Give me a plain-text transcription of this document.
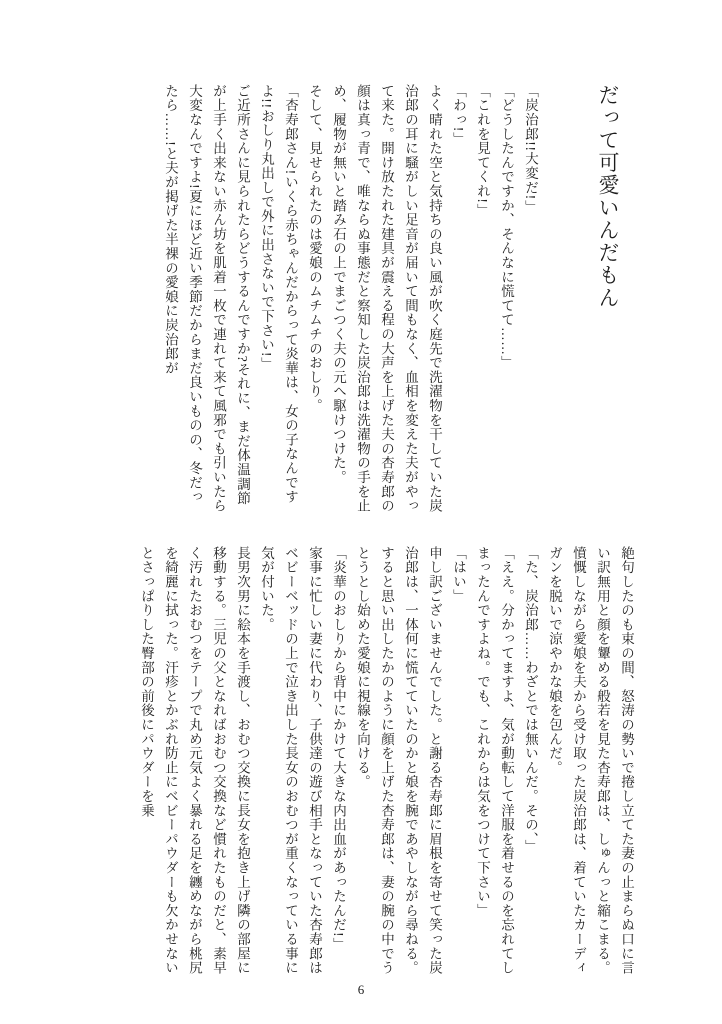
だって可愛いんだもん

「炭治郎!!大変だ!」

「どうしたんですか、そんなに慌てて……」

「これを見てくれ!」

「わっ!」

よく晴れた空と気持ちの良い風が吹く庭先で洗濯物を干していた炭治郎の耳に騒がしい足音が届いて間もなく、血相を変えた夫がやって来た。開け放たれた建具が震える程の大声を上げた夫の杏寿郎の顔は真っ青で、唯ならぬ事態だと察知した炭治郎は洗濯物の手を止め、履物が無いと踏み石の上でまごつく夫の元へ駆けつけた。

そして、見せられたのは愛娘のムチムチのおしり。

「杏寿郎さん!いくら赤ちゃんだからって炎華は、女の子なんですよ!!おしり丸出しで外に出さないで下さい!」

ご近所さんに見られたらどうするんですか?それに、まだ体温調節が上手く出来ない赤ん坊を肌着一枚で連れて来て風邪でも引いたら大変なんですよ!夏にほど近い季節だからまだ良いものの、冬だったら……!と夫が掲げた半裸の愛娘に炭治郎が

絶句したのも束の間、怒涛の勢いで捲し立てた妻の止まらぬ口に言い訳無用と顔を顰める般若を見た杏寿郎は、しゅんっと縮こまる。憤慨しながら愛娘を夫から受け取った炭治郎は、着ていたカーディガンを脱いで涼やかな娘を包んだ。

「た、炭治郎……わざとでは無いんだ。その、」

「ええ。分かってますよ、気が動転して洋服を着せるのを忘れてしまったんですよね。でも、これからは気をつけて下さい」

「はい」

申し訳ございませんでした。と謝る杏寿郎に眉根を寄せて笑った炭治郎は、一体何に慌てていたのかと娘を腕であやしながら尋ねる。すると思い出したかのように顔を上げた杏寿郎は、妻の腕の中でうとうとし始めた愛娘に視線を向ける。

「炎華のおしりから背中にかけて大きな内出血があったんだ!」

家事に忙しい妻に代わり、子供達の遊び相手となっていた杏寿郎はベビーベッドの上で泣き出した長女のおむつが重くなっている事に気が付いた。

長男次男に絵本を手渡し、おむつ交換に長女を抱き上げ隣の部屋に移動する。三児の父となればおむつ交換など慣れたものだと、素早く汚れたおむつをテープで丸め元気よく暴れる足を纏めながら桃尻を綺麗に拭った。汗疹とかぶれ防止にベビーパウダーも欠かせないとさっぱりした臀部の前後にパウダーを乗

6
